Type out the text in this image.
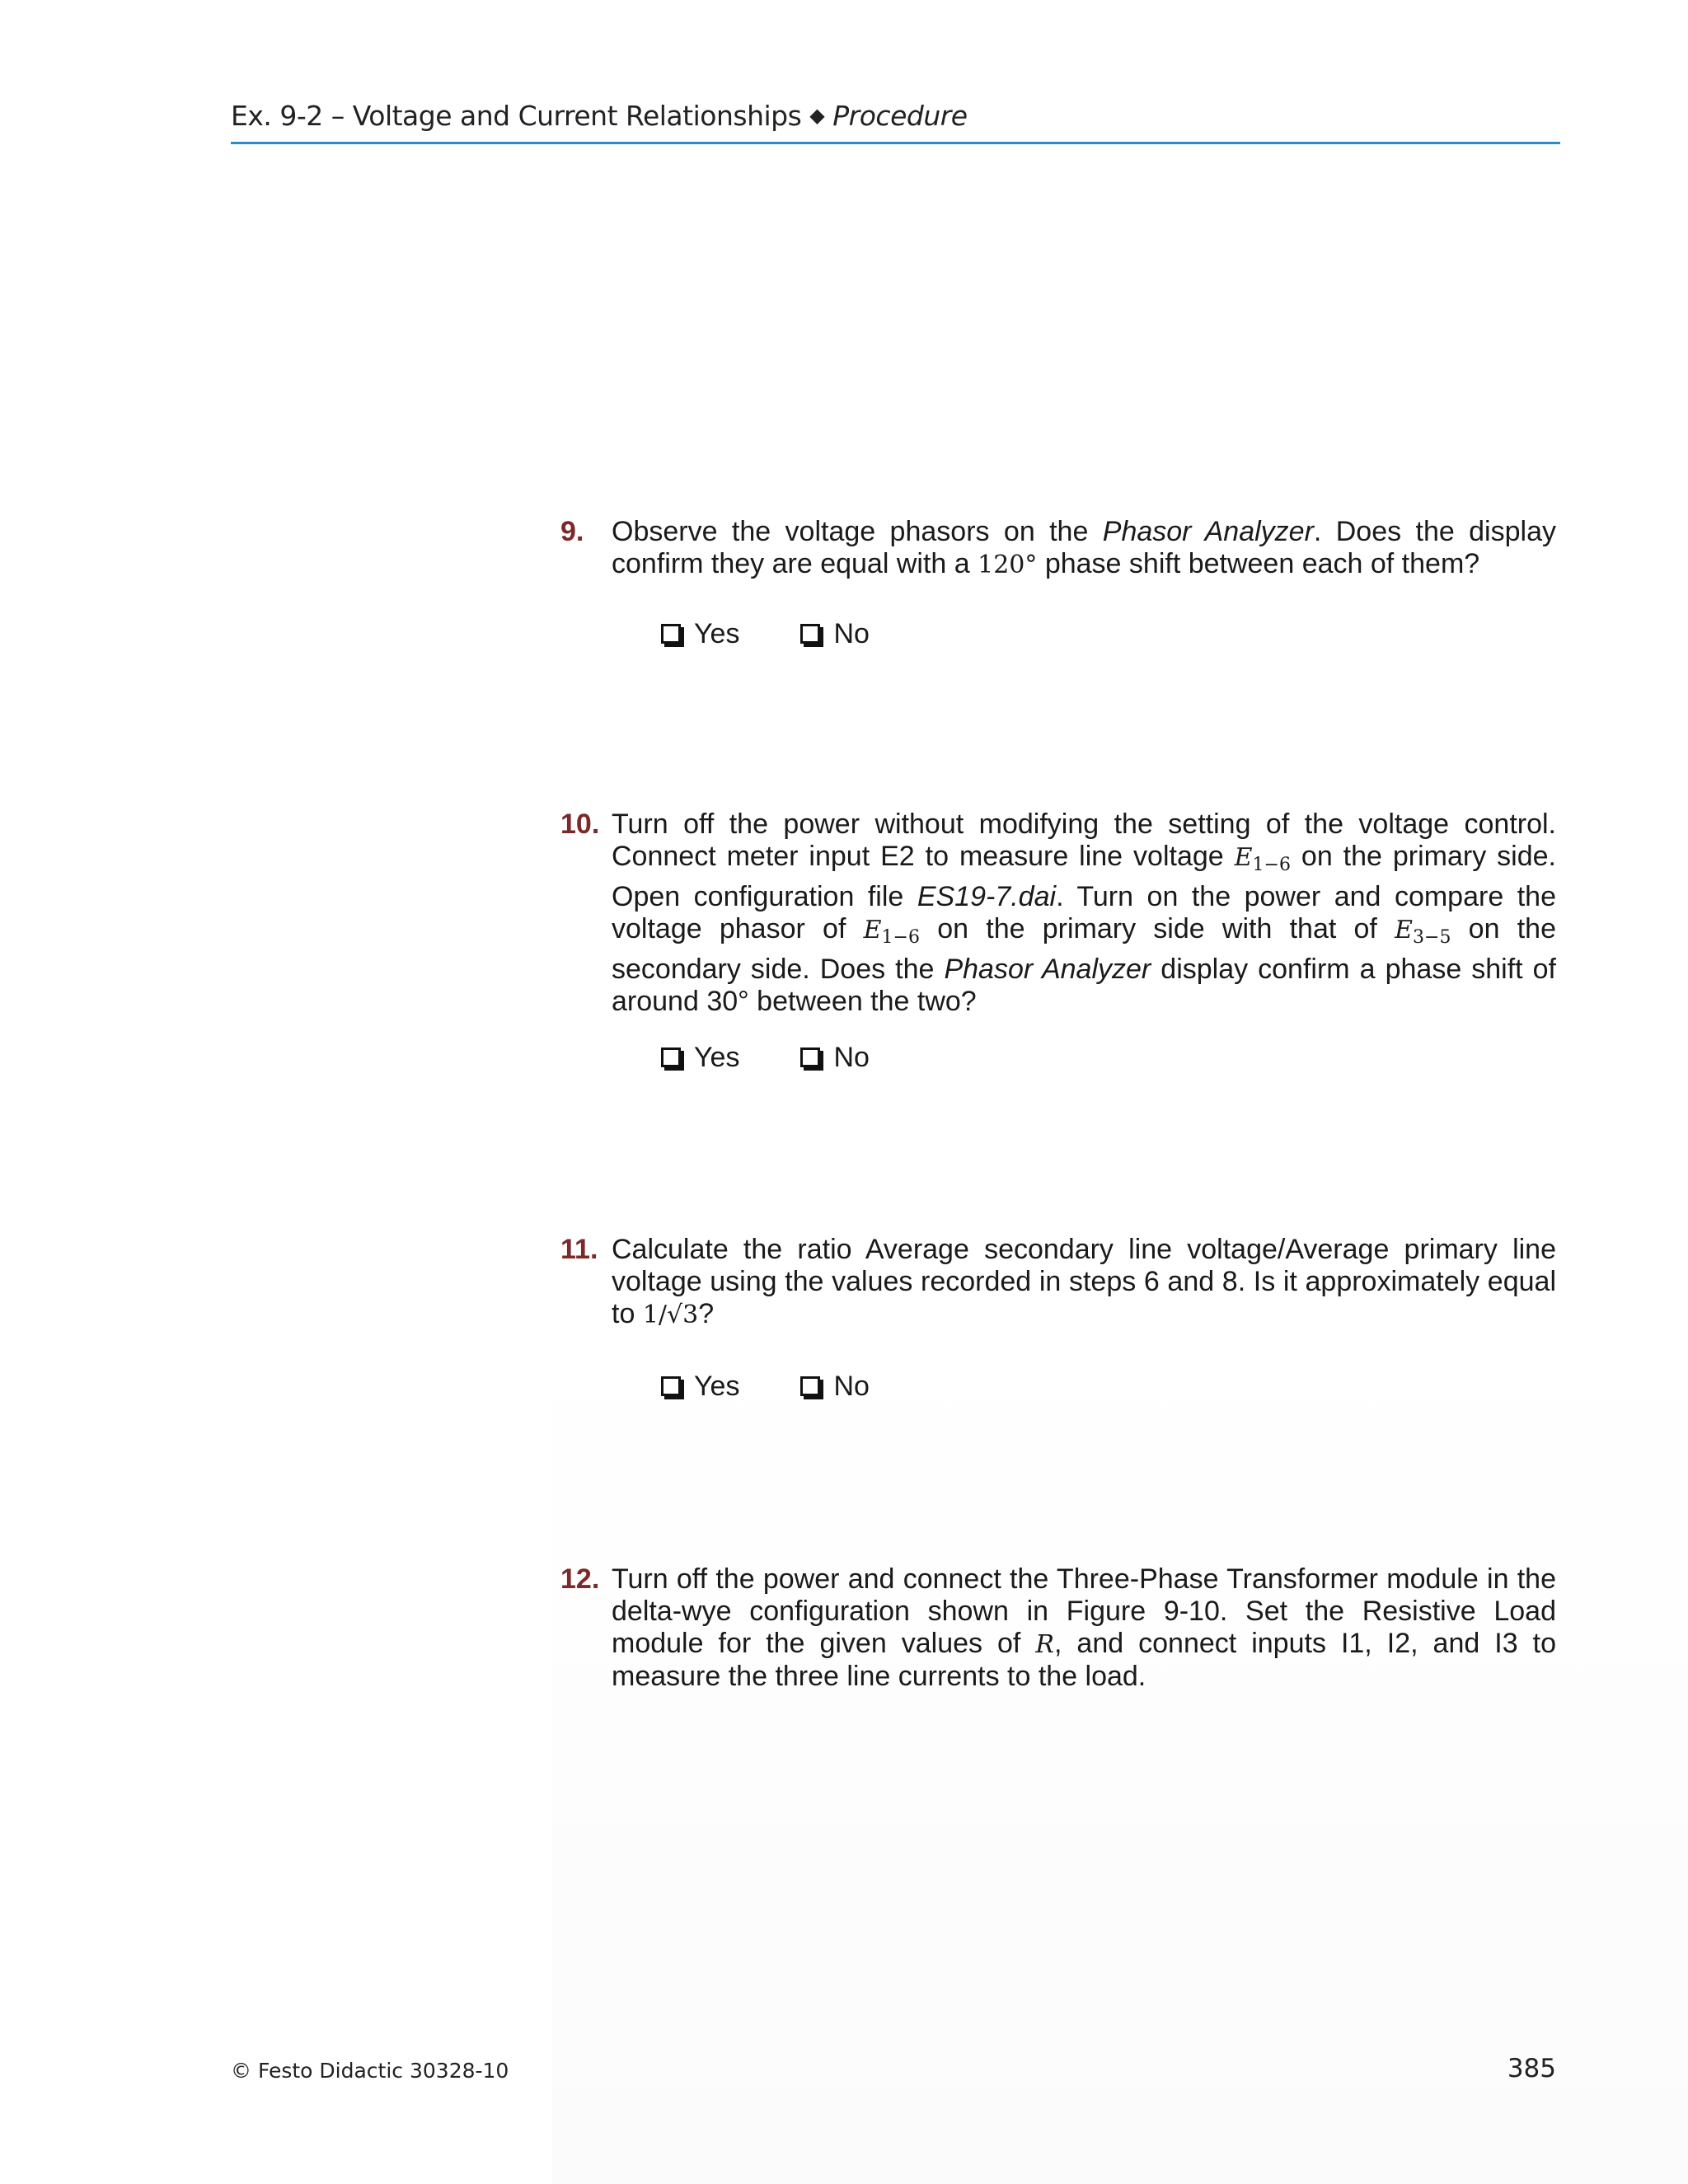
Ex. 9-2 – Voltage and Current Relationships ◆ Procedure
9. Observe the voltage phasors on the Phasor Analyzer. Does the display confirm they are equal with a 120° phase shift between each of them?
Yes	No
10. Turn off the power without modifying the setting of the voltage control. Connect meter input E2 to measure line voltage $E_{1-6}$ on the primary side. Open configuration file ES19-7.dai. Turn on the power and compare the voltage phasor of $E_{1-6}$ on the primary side with that of $E_{3-5}$ on the secondary side. Does the Phasor Analyzer display confirm a phase shift of around 30° between the two?
Yes	No
11. Calculate the ratio Average secondary line voltage/Average primary line voltage using the values recorded in steps 6 and 8. Is it approximately equal to 1/√3?
Yes	No
12. Turn off the power and connect the Three-Phase Transformer module in the delta-wye configuration shown in Figure 9-10. Set the Resistive Load module for the given values of R, and connect inputs I1, I2, and I3 to measure the three line currents to the load.
© Festo Didactic 30328-10	385
